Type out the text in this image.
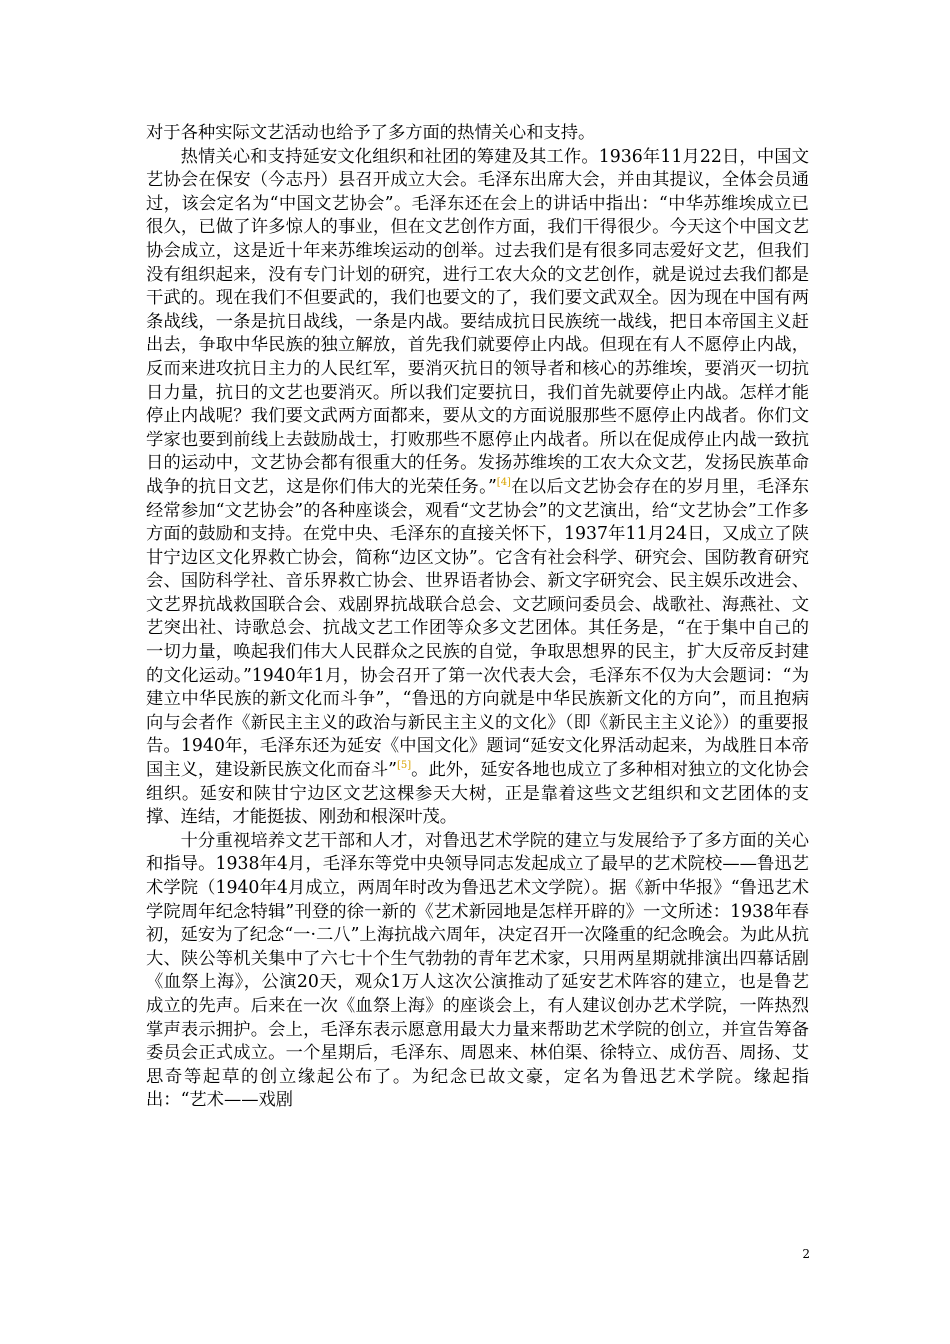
对于各种实际文艺活动也给予了多方面的热情关心和支持。

热情关心和支持延安文化组织和社团的筹建及其工作。1936年11月22日，中国文艺协会在保安（今志丹）县召开成立大会。毛泽东出席大会，并由其提议，全体会员通过，该会定名为“中国文艺协会”。毛泽东还在会上的讲话中指出：“中华苏维埃成立已很久，已做了许多惊人的事业，但在文艺创作方面，我们干得很少。今天这个中国文艺协会成立，这是近十年来苏维埃运动的创举。过去我们是有很多同志爱好文艺，但我们没有组织起来，没有专门计划的研究，进行工农大众的文艺创作，就是说过去我们都是干武的。现在我们不但要武的，我们也要文的了，我们要文武双全。因为现在中国有两条战线，一条是抗日战线，一条是内战。要结成抗日民族统一战线，把日本帝国主义赶出去，争取中华民族的独立解放，首先我们就要停止内战。但现在有人不愿停止内战，反而来进攻抗日主力的人民红军，要消灭抗日的领导者和核心的苏维埃，要消灭一切抗日力量，抗日的文艺也要消灭。所以我们定要抗日，我们首先就要停止内战。怎样才能停止内战呢？我们要文武两方面都来，要从文的方面说服那些不愿停止内战者。你们文学家也要到前线上去鼓励战士，打败那些不愿停止内战者。所以在促成停止内战一致抗日的运动中，文艺协会都有很重大的任务。发扬苏维埃的工农大众文艺，发扬民族革命战争的抗日文艺，这是你们伟大的光荣任务。”[4]在以后文艺协会存在的岁月里，毛泽东经常参加“文艺协会”的各种座谈会，观看“文艺协会”的文艺演出，给“文艺协会”工作多方面的鼓励和支持。在党中央、毛泽东的直接关怀下，1937年11月24日，又成立了陕甘宁边区文化界救亡协会，简称“边区文协”。它含有社会科学、研究会、国防教育研究会、国防科学社、音乐界救亡协会、世界语者协会、新文字研究会、民主娱乐改进会、文艺界抗战救国联合会、戏剧界抗战联合总会、文艺顾问委员会、战歌社、海燕社、文艺突出社、诗歌总会、抗战文艺工作团等众多文艺团体。其任务是，“在于集中自己的一切力量，唤起我们伟大人民群众之民族的自觉，争取思想界的民主，扩大反帝反封建的文化运动。”1940年1月，协会召开了第一次代表大会，毛泽东不仅为大会题词：“为建立中华民族的新文化而斗争”，“鲁迅的方向就是中华民族新文化的方向”，而且抱病向与会者作《新民主主义的政治与新民主主义的文化》（即《新民主主义论》）的重要报告。1940年，毛泽东还为延安《中国文化》题词“延安文化界活动起来，为战胜日本帝国主义，建设新民族文化而奋斗”[5]。此外，延安各地也成立了多种相对独立的文化协会组织。延安和陕甘宁边区文艺这棵参天大树，正是靠着这些文艺组织和文艺团体的支撑、连结，才能挺拔、刚劲和根深叶茂。

十分重视培养文艺干部和人才，对鲁迅艺术学院的建立与发展给予了多方面的关心和指导。1938年4月，毛泽东等党中央领导同志发起成立了最早的艺术院校——鲁迅艺术学院（1940年4月成立，两周年时改为鲁迅艺术文学院）。据《新中华报》“鲁迅艺术学院周年纪念特辑”刊登的徐一新的《艺术新园地是怎样开辟的》一文所述：1938年春初，延安为了纪念“一·二八”上海抗战六周年，决定召开一次隆重的纪念晚会。为此从抗大、陕公等机关集中了六七十个生气勃勃的青年艺术家，只用两星期就排演出四幕话剧《血祭上海》，公演20天，观众1万人这次公演推动了延安艺术阵容的建立，也是鲁艺成立的先声。后来在一次《血祭上海》的座谈会上，有人建议创办艺术学院，一阵热烈掌声表示拥护。会上，毛泽东表示愿意用最大力量来帮助艺术学院的创立，并宣告筹备委员会正式成立。一个星期后，毛泽东、周恩来、林伯渠、徐特立、成仿吾、周扬、艾思奇等起草的创立缘起公布了。为纪念已故文豪，定名为鲁迅艺术学院。缘起指出：“艺术——戏剧

2
